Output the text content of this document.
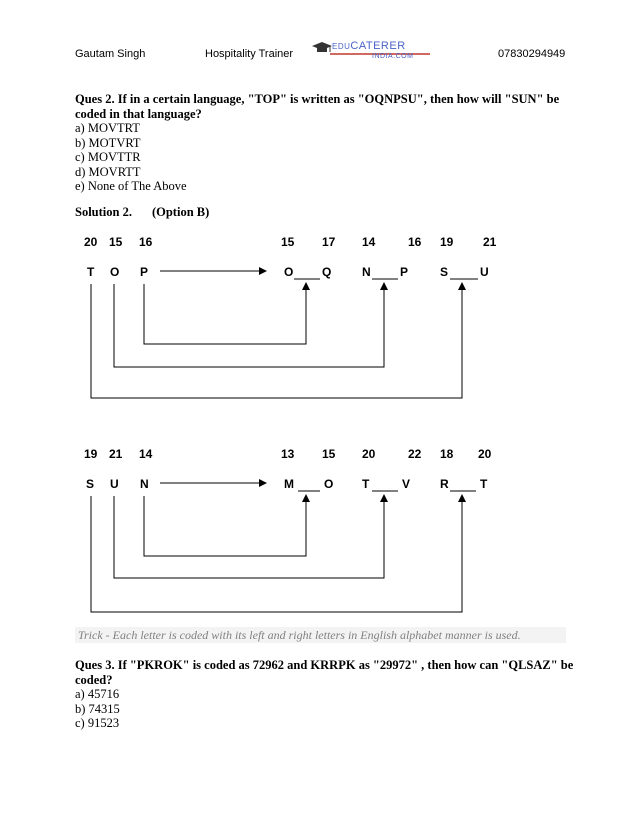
Gautam Singh	Hospitality Trainer
EDUCATERER
INDIA.COM	07830294949
Ques 2. If in a certain language, "TOP" is written as "OQNPSU", then how will "SUN" be coded in that language?
a) MOVTRT
b) MOTVRT
c) MOVTTR
d) MOVRTT
e) None of The Above
Solution 2. (Option B)
20 15 16	15 17 14	16 19 21
T O P	O Q	N P	S	U
19 21 14	13 15 20	22 18 20
S U N	M	O T	V R	T
Trick - Each letter is coded with its left and right letters in English alphabet manner is used.
Ques 3. If "PKROK" is coded as 72962 and KRRPK as "29972" , then how can "QLSAZ" be coded?
a) 45716
b) 74315
c) 91523
